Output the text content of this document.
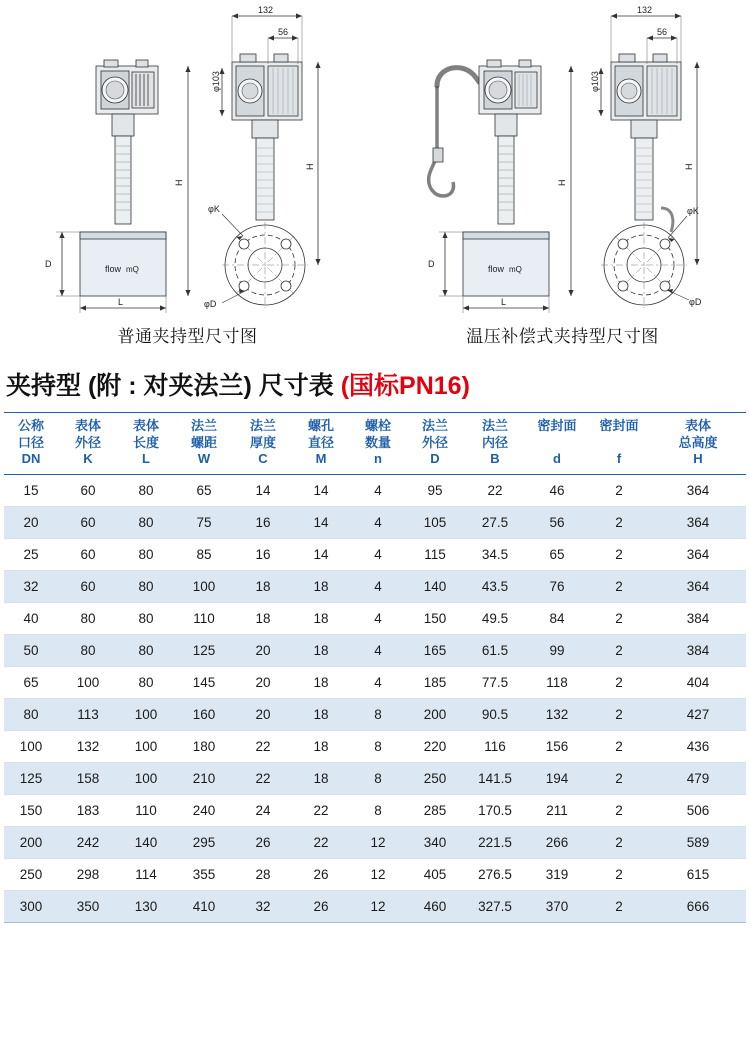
flow mQ
D
L
H
φK
φD
132
56
φ103
H
flow mQ
D
L
H
φK
φD
132
56
φ103
H
普通夹持型尺寸图	温压补偿式夹持型尺寸图
夹持型 (附 : 对夹法兰) 尺寸表 (国标PN16)
公称
口径
DN	表体
外径
K	表体
长度
L	法兰
螺距
W	法兰
厚度
C	螺孔
直径
M	螺栓
数量
n	法兰
外径
D	法兰
内径
B	密封面

d	密封面

f	表体
总高度
H

15	60	80	65	14	14	4	95	22	46	2	364
20	60	80	75	16	14	4	105	27.5	56	2	364
25	60	80	85	16	14	4	115	34.5	65	2	364
32	60	80	100	18	18	4	140	43.5	76	2	364
40	80	80	110	18	18	4	150	49.5	84	2	384
50	80	80	125	20	18	4	165	61.5	99	2	384
65	100	80	145	20	18	4	185	77.5	118	2	404
80	113	100	160	20	18	8	200	90.5	132	2	427
100	132	100	180	22	18	8	220	116	156	2	436
125	158	100	210	22	18	8	250	141.5	194	2	479
150	183	110	240	24	22	8	285	170.5	211	2	506
200	242	140	295	26	22	12	340	221.5	266	2	589
250	298	114	355	28	26	12	405	276.5	319	2	615
300	350	130	410	32	26	12	460	327.5	370	2	666
